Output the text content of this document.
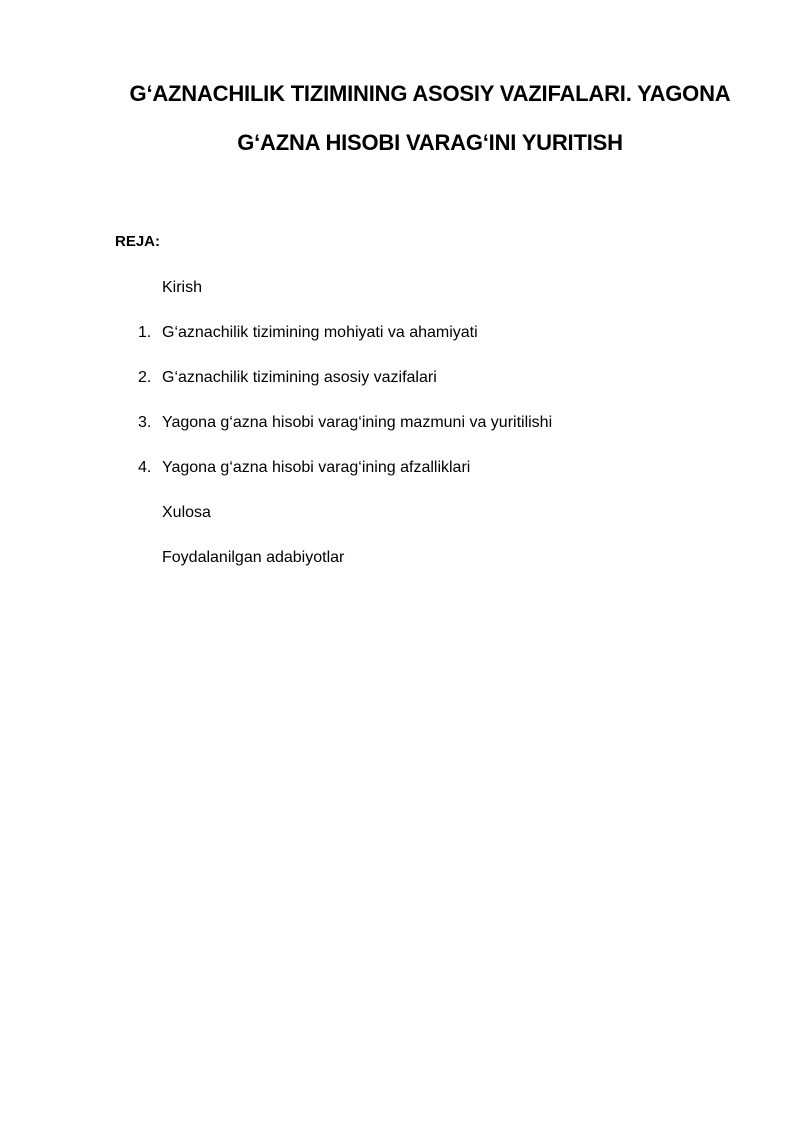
G‘AZNACHILIK TIZIMINING ASOSIY VAZIFALARI. YAGONA
G‘AZNA HISOBI VARAG‘INI YURITISH
REJA:
Kirish
1. G‘aznachilik tizimining mohiyati va ahamiyati
2. G‘aznachilik tizimining asosiy vazifalari
3. Yagona g‘azna hisobi varag‘ining mazmuni va yuritilishi
4. Yagona g‘azna hisobi varag‘ining afzalliklari
Xulosa
Foydalanilgan adabiyotlar
